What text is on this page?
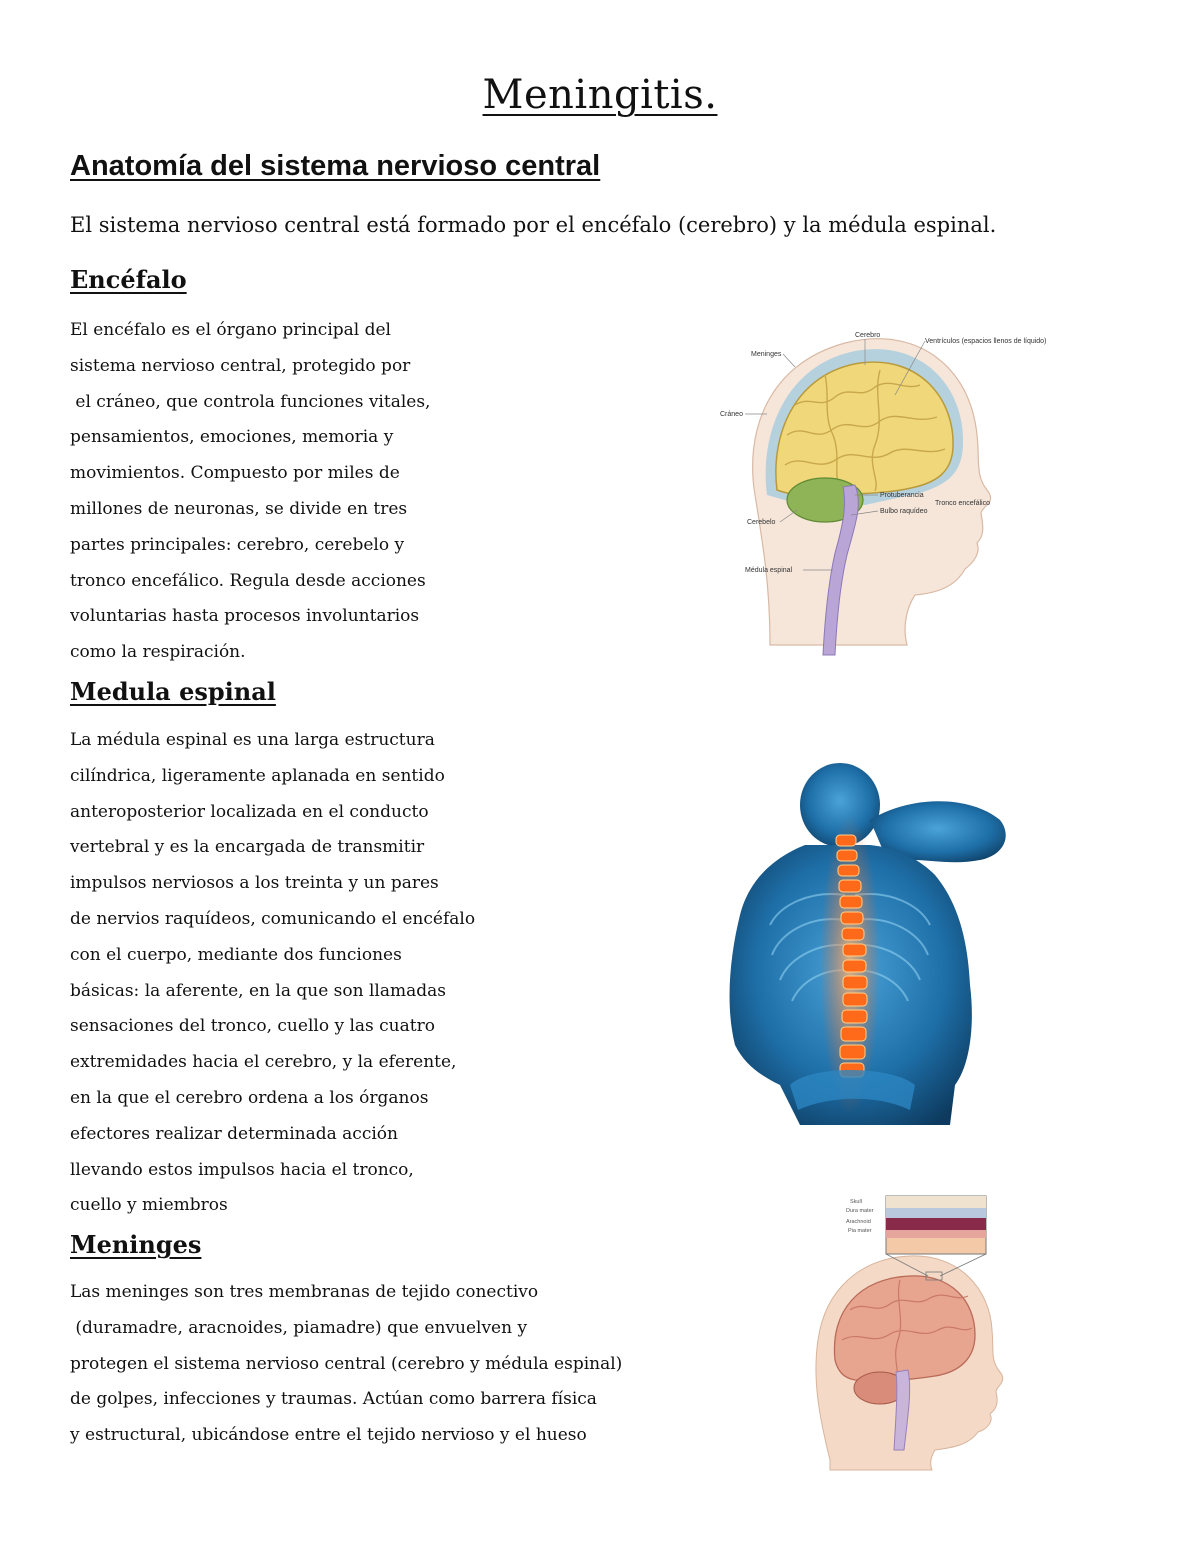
Meningitis.
Anatomía del sistema nervioso central
El sistema nervioso central está formado por el encéfalo (cerebro) y la médula espinal.
Encéfalo
El encéfalo es el órgano principal del
sistema nervioso central, protegido por
el cráneo, que controla funciones vitales,
pensamientos, emociones, memoria y
movimientos. Compuesto por miles de
millones de neuronas, se divide en tres
partes principales: cerebro, cerebelo y
tronco encefálico. Regula desde acciones
voluntarias hasta procesos involuntarios
como la respiración.
Medula espinal
La médula espinal es una larga estructura
cilíndrica, ligeramente aplanada en sentido
anteroposterior localizada en el conducto
vertebral y es la encargada de transmitir
impulsos nerviosos a los treinta y un pares
de nervios raquídeos, comunicando el encéfalo
con el cuerpo, mediante dos funciones
básicas: la aferente, en la que son llamadas
sensaciones del tronco, cuello y las cuatro
extremidades hacia el cerebro, y la eferente,
en la que el cerebro ordena a los órganos
efectores realizar determinada acción
llevando estos impulsos hacia el tronco,
cuello y miembros
Meninges
Las meninges son tres membranas de tejido conectivo
(duramadre, aracnoides, piamadre) que envuelven y
protegen el sistema nervioso central (cerebro y médula espinal)
de golpes, infecciones y traumas. Actúan como barrera física
y estructural, ubicándose entre el tejido nervioso y el hueso
Cerebro
Ventrículos (espacios llenos de líquido)
Meninges
Cráneo
Protuberancia
Bulbo raquídeo
Tronco encefálico
Cerebelo
Médula espinal
Skull
Dura mater
Arachnoid
Pia mater
